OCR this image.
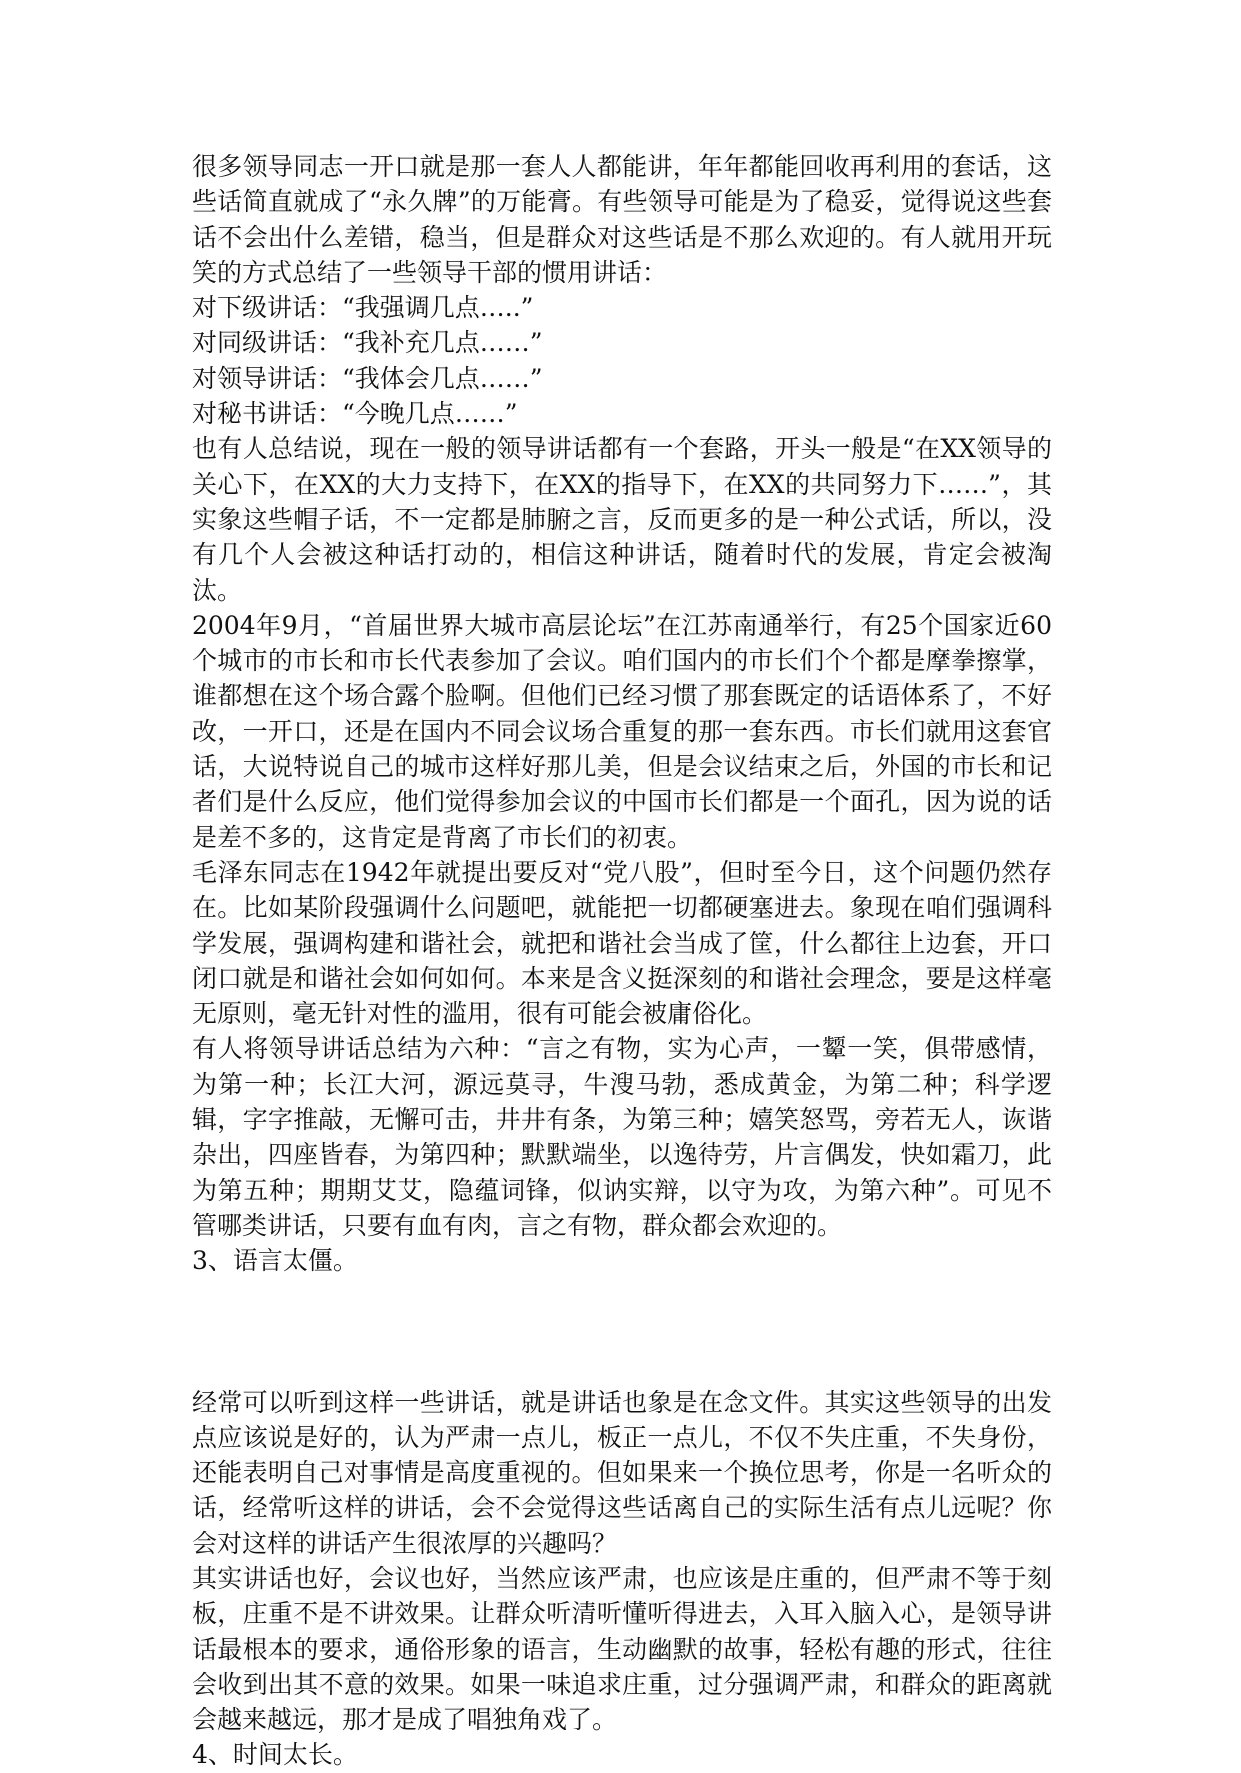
很多领导同志一开口就是那一套人人都能讲，年年都能回收再利用的套话，这些话简直就成了“永久牌”的万能膏。有些领导可能是为了稳妥，觉得说这些套话不会出什么差错，稳当，但是群众对这些话是不那么欢迎的。有人就用开玩笑的方式总结了一些领导干部的惯用讲话：

对下级讲话：“我强调几点…..”

对同级讲话：“我补充几点……”

对领导讲话：“我体会几点……”

对秘书讲话：“今晚几点……”

也有人总结说，现在一般的领导讲话都有一个套路，开头一般是“在XX领导的关心下，在XX的大力支持下，在XX的指导下，在XX的共同努力下……”，其实象这些帽子话，不一定都是肺腑之言，反而更多的是一种公式话，所以，没有几个人会被这种话打动的，相信这种讲话，随着时代的发展，肯定会被淘汰。

2004年9月，“首届世界大城市高层论坛”在江苏南通举行，有25个国家近60个城市的市长和市长代表参加了会议。咱们国内的市长们个个都是摩拳擦掌，谁都想在这个场合露个脸啊。但他们已经习惯了那套既定的话语体系了，不好改，一开口，还是在国内不同会议场合重复的那一套东西。市长们就用这套官话，大说特说自己的城市这样好那儿美，但是会议结束之后，外国的市长和记者们是什么反应，他们觉得参加会议的中国市长们都是一个面孔，因为说的话是差不多的，这肯定是背离了市长们的初衷。

毛泽东同志在1942年就提出要反对“党八股”，但时至今日，这个问题仍然存在。比如某阶段强调什么问题吧，就能把一切都硬塞进去。象现在咱们强调科学发展，强调构建和谐社会，就把和谐社会当成了筐，什么都往上边套，开口闭口就是和谐社会如何如何。本来是含义挺深刻的和谐社会理念，要是这样毫无原则，毫无针对性的滥用，很有可能会被庸俗化。

有人将领导讲话总结为六种：“言之有物，实为心声，一颦一笑，俱带感情，为第一种；长江大河，源远莫寻，牛溲马勃，悉成黄金，为第二种；科学逻辑，字字推敲，无懈可击，井井有条，为第三种；嬉笑怒骂，旁若无人，诙谐杂出，四座皆春，为第四种；默默端坐，以逸待劳，片言偶发，快如霜刀，此为第五种；期期艾艾，隐蕴词锋，似讷实辩，以守为攻，为第六种”。可见不管哪类讲话，只要有血有肉，言之有物，群众都会欢迎的。

3、语言太僵。

经常可以听到这样一些讲话，就是讲话也象是在念文件。其实这些领导的出发点应该说是好的，认为严肃一点儿，板正一点儿，不仅不失庄重，不失身份，还能表明自己对事情是高度重视的。但如果来一个换位思考，你是一名听众的话，经常听这样的讲话，会不会觉得这些话离自己的实际生活有点儿远呢？你会对这样的讲话产生很浓厚的兴趣吗？

其实讲话也好，会议也好，当然应该严肃，也应该是庄重的，但严肃不等于刻板，庄重不是不讲效果。让群众听清听懂听得进去，入耳入脑入心，是领导讲话最根本的要求，通俗形象的语言，生动幽默的故事，轻松有趣的形式，往往会收到出其不意的效果。如果一味追求庄重，过分强调严肃，和群众的距离就会越来越远，那才是成了唱独角戏了。

4、时间太长。
